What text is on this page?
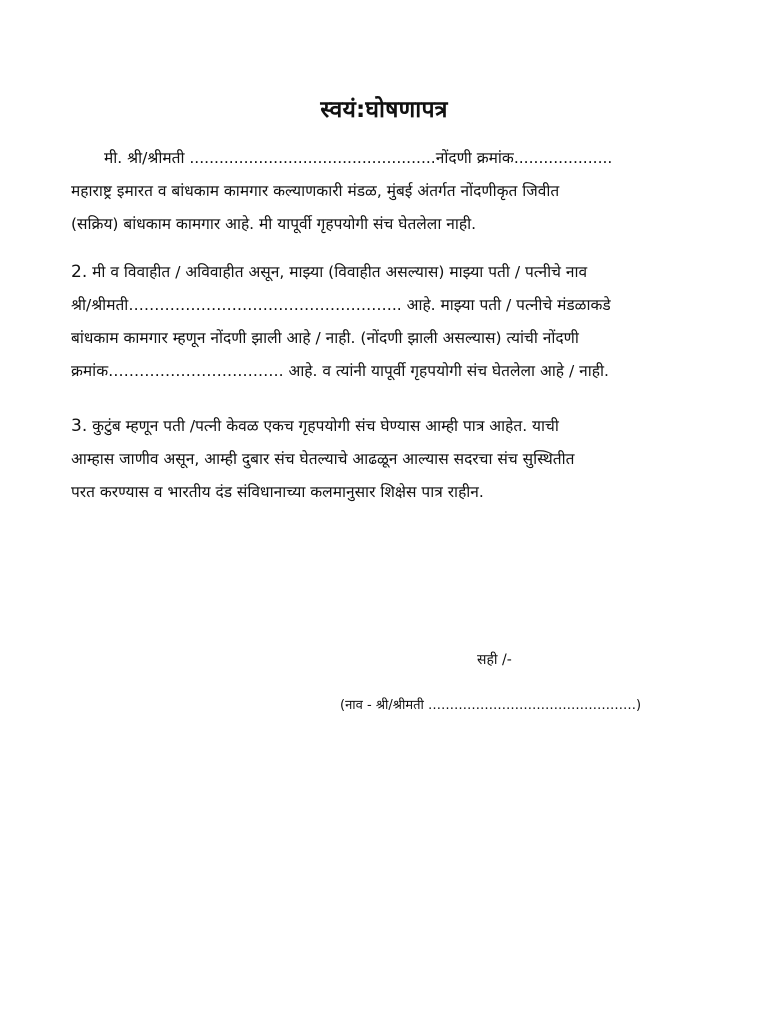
स्वयं:घोषणापत्र
मी. श्री/श्रीमती ..................................................नोंदणी क्रमांक....................
महाराष्ट्र इमारत व बांधकाम कामगार कल्याणकारी मंडळ, मुंबई अंतर्गत नोंदणीकृत जिवीत
(सक्रिय) बांधकाम कामगार आहे. मी यापूर्वी गृहपयोगी संच घेतलेला नाही.
2. मी व विवाहीत / अविवाहीत असून, माझ्या (विवाहीत असल्यास) माझ्या पती / पत्नीचे नाव
श्री/श्रीमती…………………………………………….. आहे. माझ्या पती / पत्नीचे मंडळाकडे
बांधकाम कामगार म्हणून नोंदणी झाली आहे / नाही. (नोंदणी झाली असल्यास) त्यांची नोंदणी
क्रमांक……………………………. आहे. व त्यांनी यापूर्वी गृहपयोगी संच घेतलेला आहे / नाही.
3. कुटुंब म्हणून पती /पत्नी केवळ एकच गृहपयोगी संच घेण्यास आम्ही पात्र आहेत. याची
आम्हास जाणीव असून, आम्ही दुबार संच घेतल्याचे आढळून आल्यास सदरचा संच सुस्थितीत
परत करण्यास व भारतीय दंड संविधानाच्या कलमानुसार शिक्षेस पात्र राहीन.
सही /-
(नाव - श्री/श्रीमती …………………………………………)
